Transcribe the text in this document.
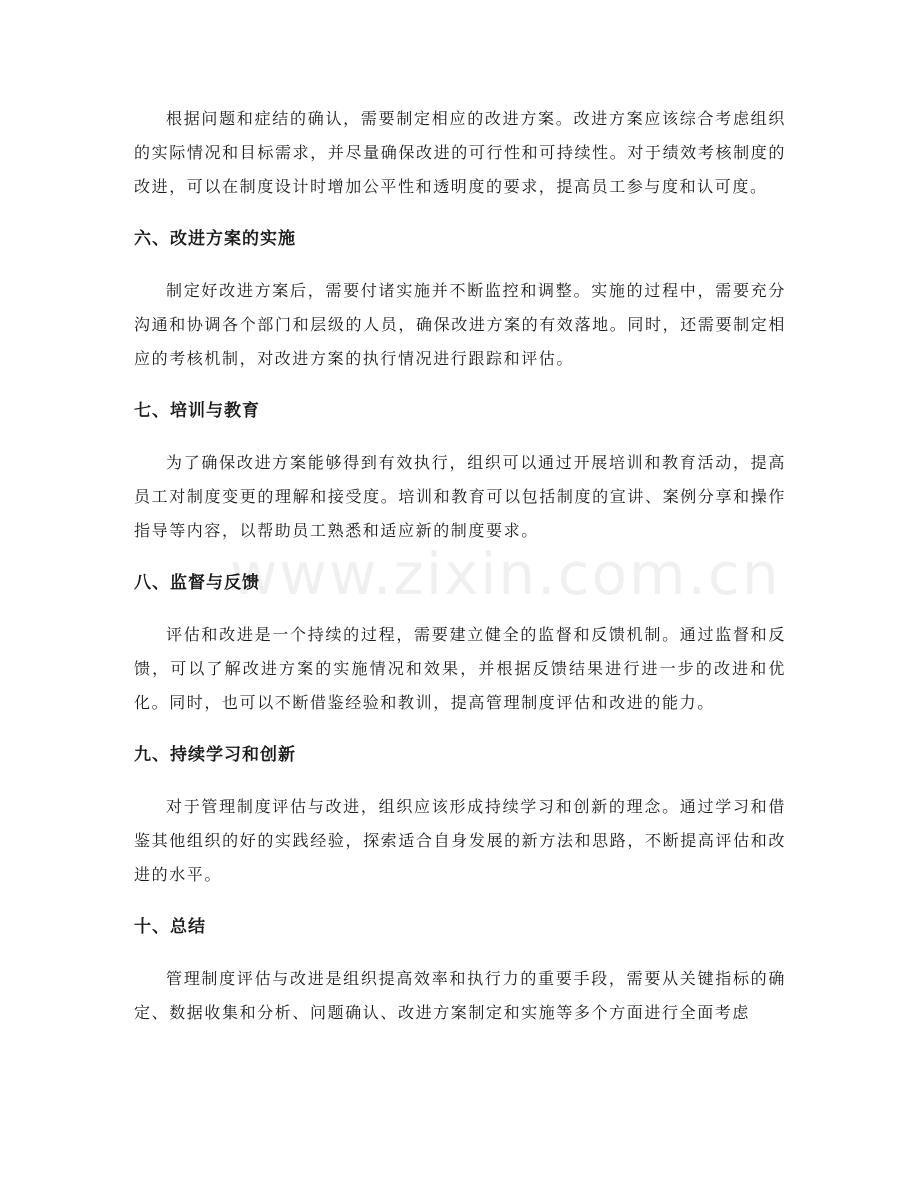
根据问题和症结的确认，需要制定相应的改进方案。改进方案应该综合考虑组织的实际情况和目标需求，并尽量确保改进的可行性和可持续性。对于绩效考核制度的改进，可以在制度设计时增加公平性和透明度的要求，提高员工参与度和认可度。

六、改进方案的实施

制定好改进方案后，需要付诸实施并不断监控和调整。实施的过程中，需要充分沟通和协调各个部门和层级的人员，确保改进方案的有效落地。同时，还需要制定相应的考核机制，对改进方案的执行情况进行跟踪和评估。

七、培训与教育

为了确保改进方案能够得到有效执行，组织可以通过开展培训和教育活动，提高员工对制度变更的理解和接受度。培训和教育可以包括制度的宣讲、案例分享和操作指导等内容，以帮助员工熟悉和适应新的制度要求。

八、监督与反馈

评估和改进是一个持续的过程，需要建立健全的监督和反馈机制。通过监督和反馈，可以了解改进方案的实施情况和效果，并根据反馈结果进行进一步的改进和优化。同时，也可以不断借鉴经验和教训，提高管理制度评估和改进的能力。

九、持续学习和创新

对于管理制度评估与改进，组织应该形成持续学习和创新的理念。通过学习和借鉴其他组织的好的实践经验，探索适合自身发展的新方法和思路，不断提高评估和改进的水平。

十、总结

管理制度评估与改进是组织提高效率和执行力的重要手段，需要从关键指标的确定、数据收集和分析、问题确认、改进方案制定和实施等多个方面进行全面考虑

www.zixin.com.cn
